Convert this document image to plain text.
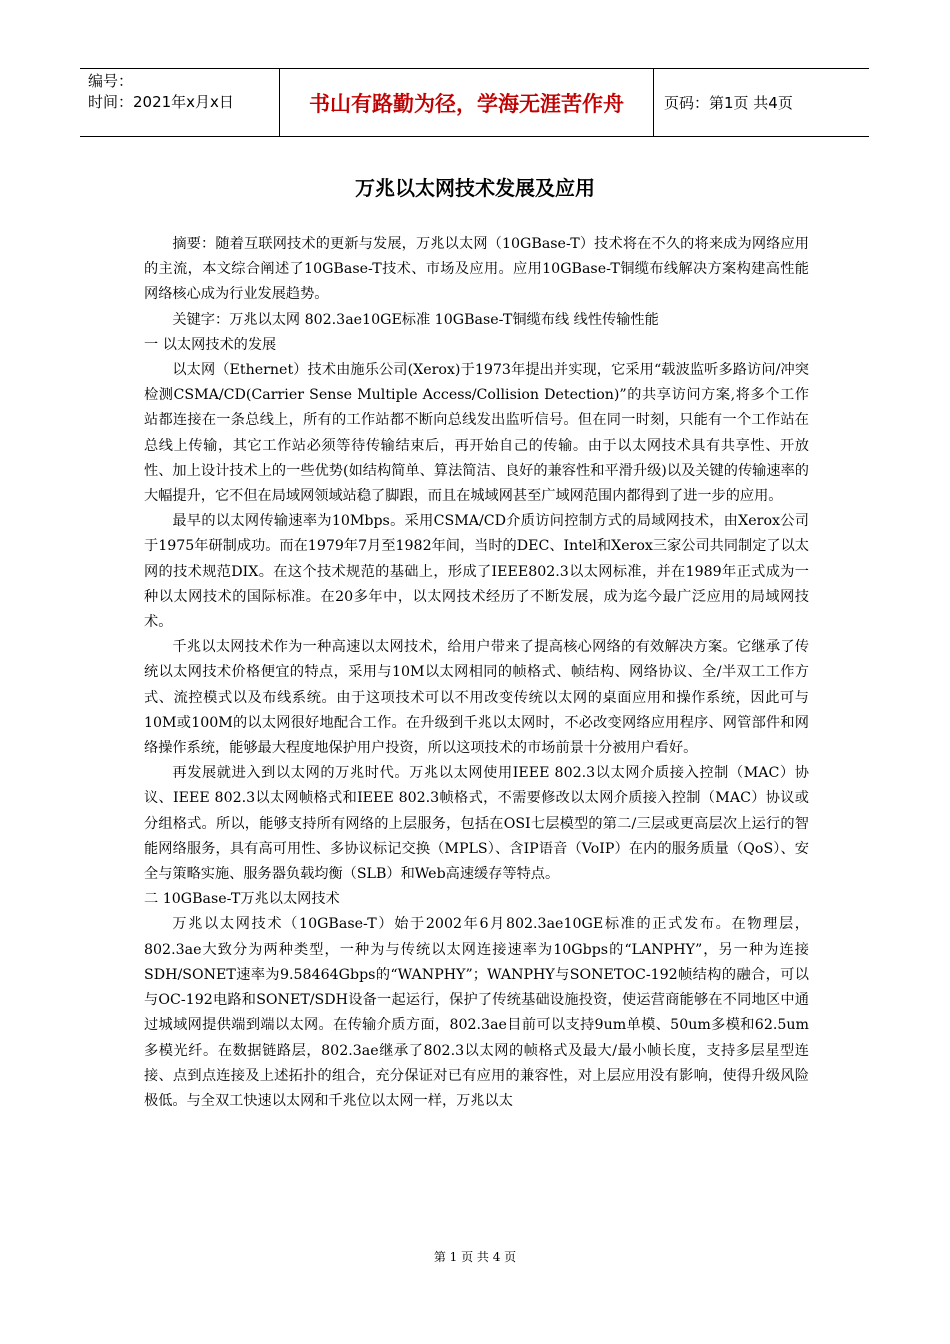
编号：
时间：2021年x月x日	书山有路勤为径，学海无涯苦作舟	页码：第1页 共4页
万兆以太网技术发展及应用

摘要：随着互联网技术的更新与发展，万兆以太网（10GBase-T）技术将在不久的将来成为网络应用的主流，本文综合阐述了10GBase-T技术、市场及应用。应用10GBase-T铜缆布线解决方案构建高性能网络核心成为行业发展趋势。

关键字：万兆以太网 802.3ae10GE标准 10GBase-T铜缆布线 线性传输性能

一 以太网技术的发展

以太网（Ethernet）技术由施乐公司(Xerox)于1973年提出并实现，它采用“载波监听多路访问/冲突检测CSMA/CD(Carrier Sense Multiple Access/Collision Detection)”的共享访问方案,将多个工作站都连接在一条总线上，所有的工作站都不断向总线发出监听信号。但在同一时刻，只能有一个工作站在总线上传输，其它工作站必须等待传输结束后，再开始自己的传输。由于以太网技术具有共享性、开放性、加上设计技术上的一些优势(如结构简单、算法简洁、良好的兼容性和平滑升级)以及关键的传输速率的大幅提升，它不但在局域网领域站稳了脚跟，而且在城域网甚至广域网范围内都得到了进一步的应用。

最早的以太网传输速率为10Mbps。采用CSMA/CD介质访问控制方式的局域网技术，由Xerox公司于1975年研制成功。而在1979年7月至1982年间，当时的DEC、Intel和Xerox三家公司共同制定了以太网的技术规范DIX。在这个技术规范的基础上，形成了IEEE802.3以太网标准，并在1989年正式成为一种以太网技术的国际标准。在20多年中，以太网技术经历了不断发展，成为迄今最广泛应用的局域网技术。

千兆以太网技术作为一种高速以太网技术，给用户带来了提高核心网络的有效解决方案。它继承了传统以太网技术价格便宜的特点，采用与10M以太网相同的帧格式、帧结构、网络协议、全/半双工工作方式、流控模式以及布线系统。由于这项技术可以不用改变传统以太网的桌面应用和操作系统，因此可与10M或100M的以太网很好地配合工作。在升级到千兆以太网时，不必改变网络应用程序、网管部件和网络操作系统，能够最大程度地保护用户投资，所以这项技术的市场前景十分被用户看好。

再发展就进入到以太网的万兆时代。万兆以太网使用IEEE 802.3以太网介质接入控制（MAC）协议、IEEE 802.3以太网帧格式和IEEE 802.3帧格式，不需要修改以太网介质接入控制（MAC）协议或分组格式。所以，能够支持所有网络的上层服务，包括在OSI七层模型的第二/三层或更高层次上运行的智能网络服务，具有高可用性、多协议标记交换（MPLS）、含IP语音（VoIP）在内的服务质量（QoS）、安全与策略实施、服务器负载均衡（SLB）和Web高速缓存等特点。

二 10GBase-T万兆以太网技术

万兆以太网技术（10GBase-T）始于2002年6月802.3ae10GE标准的正式发布。在物理层，802.3ae大致分为两种类型，一种为与传统以太网连接速率为10Gbps的“LANPHY”，另一种为连接SDH/SONET速率为9.58464Gbps的“WANPHY”；WANPHY与SONETOC-192帧结构的融合，可以与OC-192电路和SONET/SDH设备一起运行，保护了传统基础设施投资，使运营商能够在不同地区中通过城域网提供端到端以太网。在传输介质方面，802.3ae目前可以支持9um单模、50um多模和62.5um多模光纤。在数据链路层，802.3ae继承了802.3以太网的帧格式及最大/最小帧长度，支持多层星型连接、点到点连接及上述拓扑的组合，充分保证对已有应用的兼容性，对上层应用没有影响，使得升级风险极低。与全双工快速以太网和千兆位以太网一样，万兆以太

第 1 页 共 4 页
